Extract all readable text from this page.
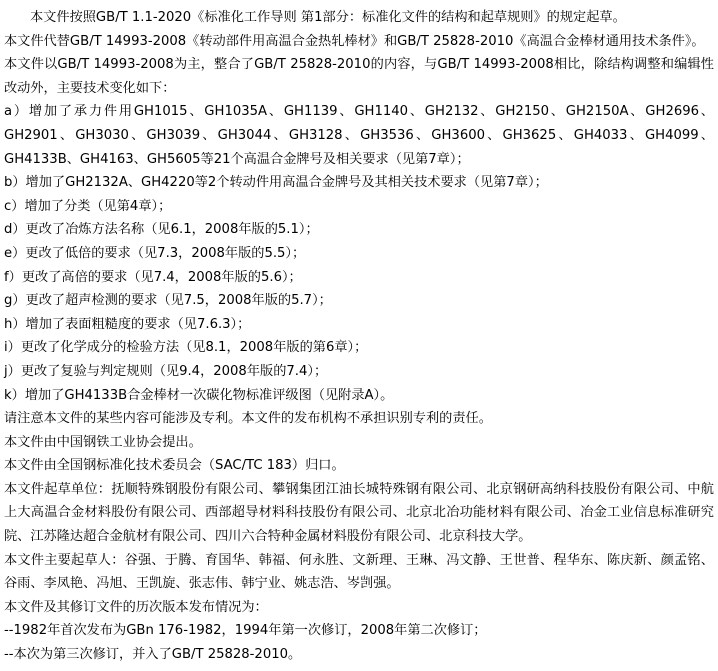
本文件按照GB/T 1.1-2020《标准化工作导则 第1部分：标准化文件的结构和起草规则》的规定起草。

本文件代替GB/T 14993-2008《转动部件用高温合金热轧棒材》和GB/T 25828-2010《高温合金棒材通用技术条件》。

本文件以GB/T 14993-2008为主，整合了GB/T 25828-2010的内容，与GB/T 14993-2008相比，除结构调整和编辑性改动外，主要技术变化如下：

a）增加了承力件用GH1015、GH1035A、GH1139、GH1140、GH2132、GH2150、GH2150A、GH2696、GH2901、GH3030、GH3039、GH3044、GH3128、GH3536、GH3600、GH3625、GH4033、GH4099、GH4133B、GH4163、GH5605等21个高温合金牌号及相关要求（见第7章）；

b）增加了GH2132A、GH4220等2个转动件用高温合金牌号及其相关技术要求（见第7章）；

c）增加了分类（见第4章）；

d）更改了冶炼方法名称（见6.1，2008年版的5.1）；

e）更改了低倍的要求（见7.3，2008年版的5.5）；

f）更改了高倍的要求（见7.4，2008年版的5.6）；

g）更改了超声检测的要求（见7.5，2008年版的5.7）；

h）增加了表面粗糙度的要求（见7.6.3）；

i）更改了化学成分的检验方法（见8.1，2008年版的第6章）；

j）更改了复验与判定规则（见9.4，2008年版的7.4）；

k）增加了GH4133B合金棒材一次碳化物标准评级图（见附录A）。

请注意本文件的某些内容可能涉及专利。本文件的发布机构不承担识别专利的责任。

本文件由中国钢铁工业协会提出。

本文件由全国钢标准化技术委员会（SAC/TC 183）归口。

本文件起草单位：抚顺特殊钢股份有限公司、攀钢集团江油长城特殊钢有限公司、北京钢研高纳科技股份有限公司、中航上大高温合金材料股份有限公司、西部超导材料科技股份有限公司、北京北冶功能材料有限公司、冶金工业信息标准研究院、江苏隆达超合金航材有限公司、四川六合特种金属材料股份有限公司、北京科技大学。

本文件主要起草人：谷强、于腾、育国华、韩福、何永胜、文新理、王琳、冯文静、王世普、程华东、陈庆新、颜孟铭、谷雨、李凤艳、冯旭、王凯旋、张志伟、韩宁业、姚志浩、岑剀强。

本文件及其修订文件的历次版本发布情况为：

--1982年首次发布为GBn 176-1982，1994年第一次修订，2008年第二次修订；

--本次为第三次修订，并入了GB/T 25828-2010。
